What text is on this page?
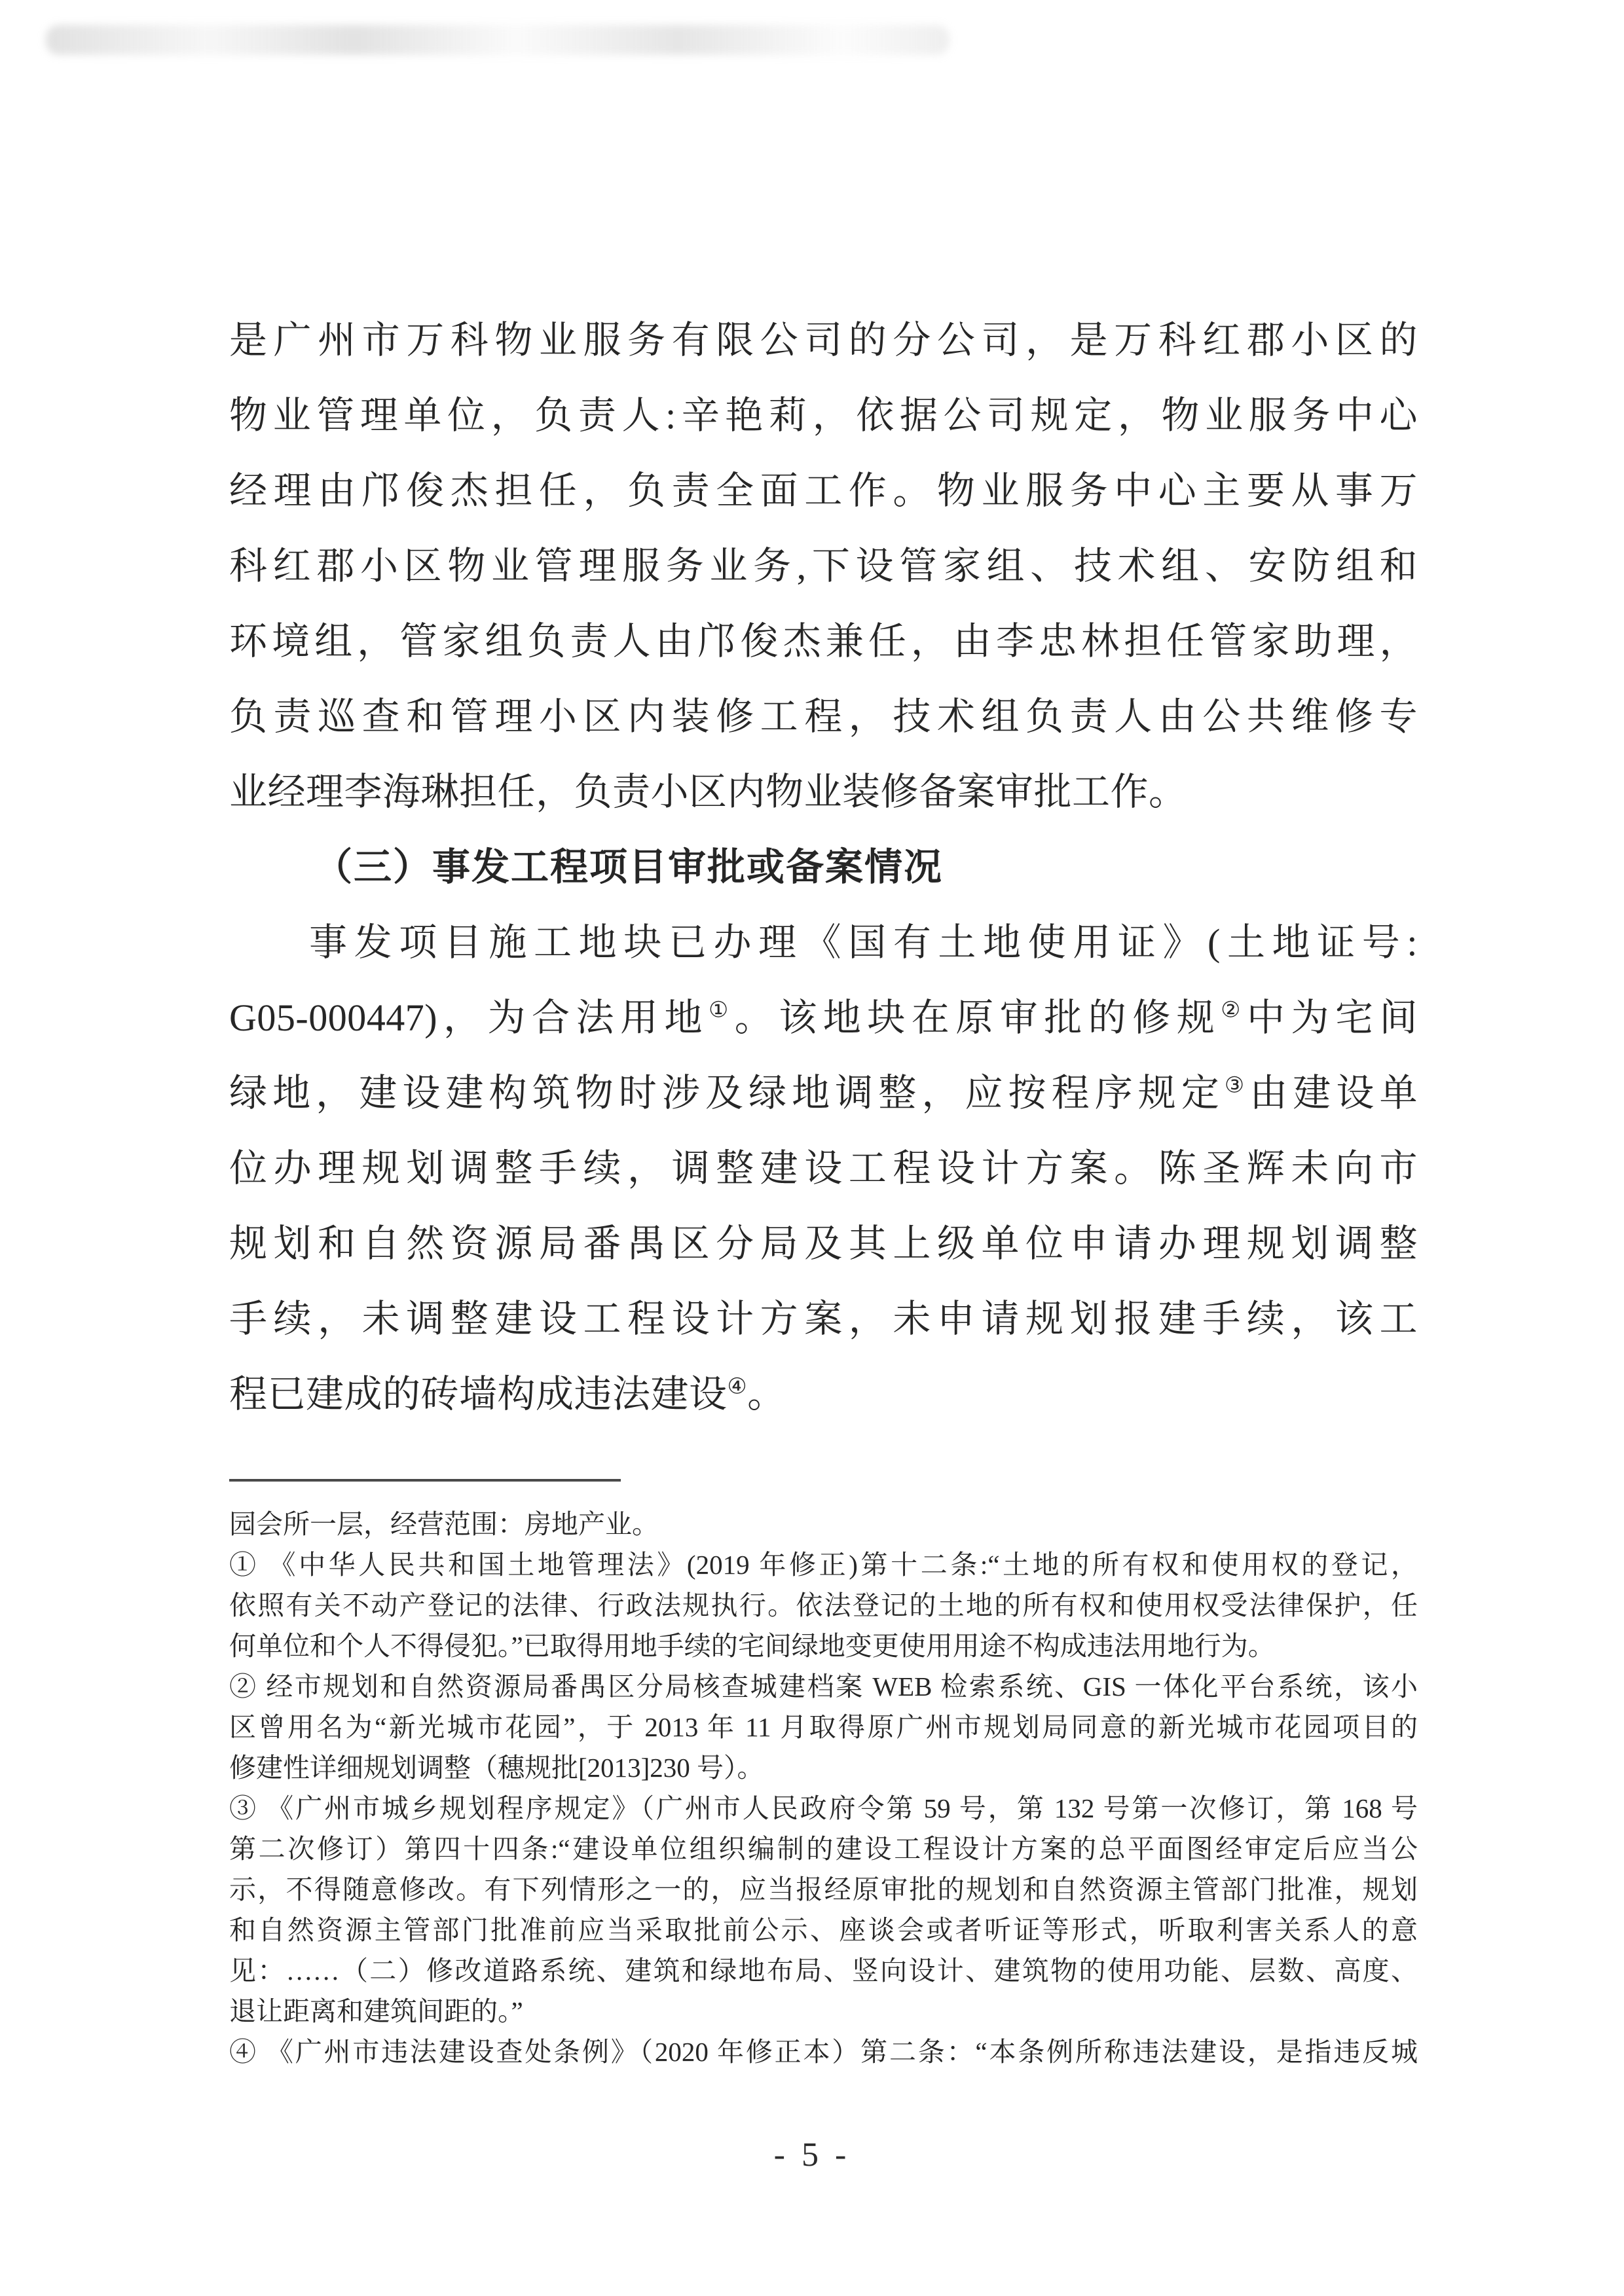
是广州市万科物业服务有限公司的分公司，是万科红郡小区的
物业管理单位，负责人:辛艳莉，依据公司规定，物业服务中心
经理由邝俊杰担任，负责全面工作。物业服务中心主要从事万
科红郡小区物业管理服务业务,下设管家组、技术组、安防组和
环境组，管家组负责人由邝俊杰兼任，由李忠林担任管家助理，
负责巡查和管理小区内装修工程，技术组负责人由公共维修专
业经理李海琳担任，负责小区内物业装修备案审批工作。
（三）事发工程项目审批或备案情况
事发项目施工地块已办理《国有土地使用证》(土地证号:
G05-000447)，为合法用地①。该地块在原审批的修规②中为宅间
绿地，建设建构筑物时涉及绿地调整，应按程序规定③由建设单
位办理规划调整手续，调整建设工程设计方案。陈圣辉未向市
规划和自然资源局番禺区分局及其上级单位申请办理规划调整
手续，未调整建设工程设计方案，未申请规划报建手续，该工
程已建成的砖墙构成违法建设④。
园会所一层，经营范围：房地产业。
① 《中华人民共和国土地管理法》(2019 年修正)第十二条:“土地的所有权和使用权的登记，
依照有关不动产登记的法律、行政法规执行。依法登记的土地的所有权和使用权受法律保护，任
何单位和个人不得侵犯。”已取得用地手续的宅间绿地变更使用用途不构成违法用地行为。
② 经市规划和自然资源局番禺区分局核查城建档案 WEB 检索系统、GIS 一体化平台系统，该小
区曾用名为“新光城市花园”，于 2013 年 11 月取得原广州市规划局同意的新光城市花园项目的
修建性详细规划调整（穗规批[2013]230 号）。
③ 《广州市城乡规划程序规定》（广州市人民政府令第 59 号，第 132 号第一次修订，第 168 号
第二次修订）第四十四条:“建设单位组织编制的建设工程设计方案的总平面图经审定后应当公
示，不得随意修改。有下列情形之一的，应当报经原审批的规划和自然资源主管部门批准，规划
和自然资源主管部门批准前应当采取批前公示、座谈会或者听证等形式，听取利害关系人的意
见：……（二）修改道路系统、建筑和绿地布局、竖向设计、建筑物的使用功能、层数、高度、
退让距离和建筑间距的。”
④ 《广州市违法建设查处条例》（2020 年修正本）第二条：“本条例所称违法建设，是指违反城
- 5 -
